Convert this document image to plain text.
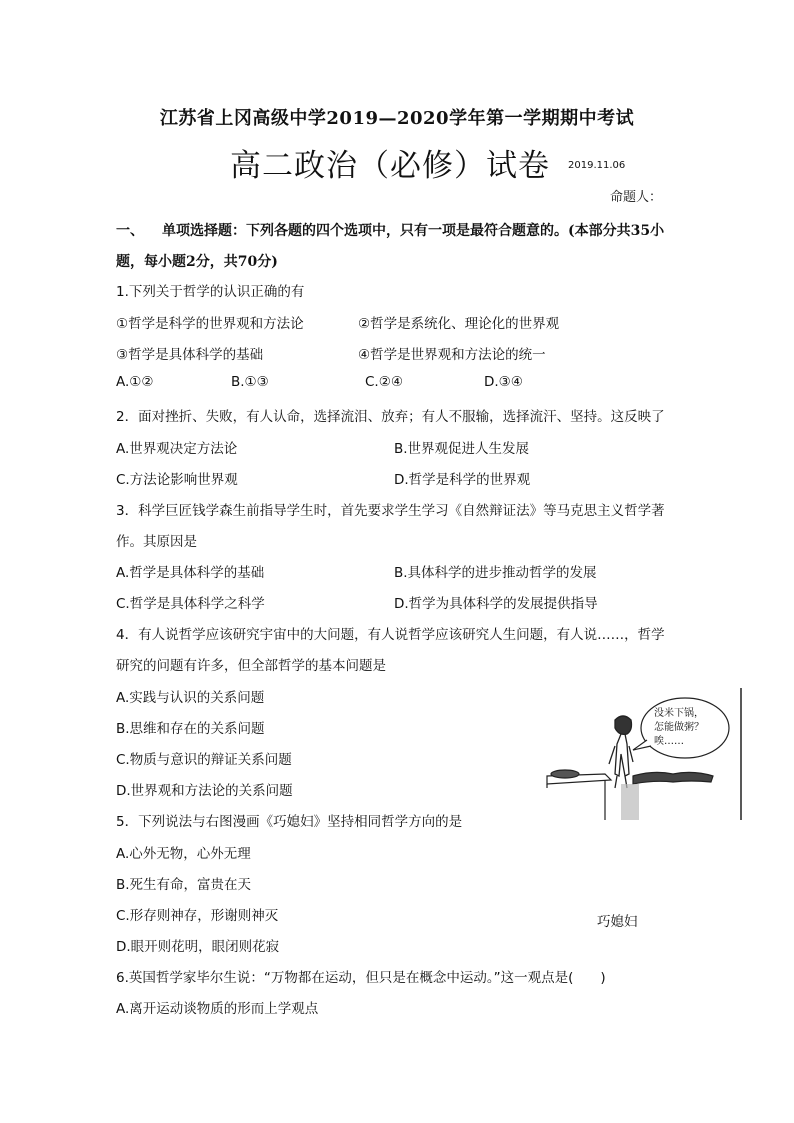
江苏省上冈高级中学2019—2020学年第一学期期中考试
高二政治（必修）试卷 2019.11.06
命题人：
一、 单项选择题：下列各题的四个选项中，只有一项是最符合题意的。(本部分共35小题，每小题2分，共70分)
1.下列关于哲学的认识正确的有
①哲学是科学的世界观和方法论	②哲学是系统化、理论化的世界观
③哲学是具体科学的基础	④哲学是世界观和方法论的统一
A.①②	B.①③	C.②④	D.③④
2．面对挫折、失败，有人认命，选择流泪、放弃；有人不服输，选择流汗、坚持。这反映了
A.世界观决定方法论	B.世界观促进人生发展
C.方法论影响世界观	D.哲学是科学的世界观
3．科学巨匠钱学森生前指导学生时，首先要求学生学习《自然辩证法》等马克思主义哲学著
作。其原因是
A.哲学是具体科学的基础	B.具体科学的进步推动哲学的发展
C.哲学是具体科学之科学	D.哲学为具体科学的发展提供指导
4．有人说哲学应该研究宇宙中的大问题，有人说哲学应该研究人生问题，有人说……，哲学
研究的问题有许多，但全部哲学的基本问题是
A.实践与认识的关系问题
B.思维和存在的关系问题
C.物质与意识的辩证关系问题
D.世界观和方法论的关系问题
5．下列说法与右图漫画《巧媳妇》坚持相同哲学方向的是
A.心外无物，心外无理
B.死生有命，富贵在天
C.形存则神存，形谢则神灭
D.眼开则花明，眼闭则花寂
没米下锅，
怎能做粥？
唉……
巧媳妇
6.英国哲学家毕尔生说：“万物都在运动，但只是在概念中运动。”这一观点是(　　)
A.离开运动谈物质的形而上学观点
